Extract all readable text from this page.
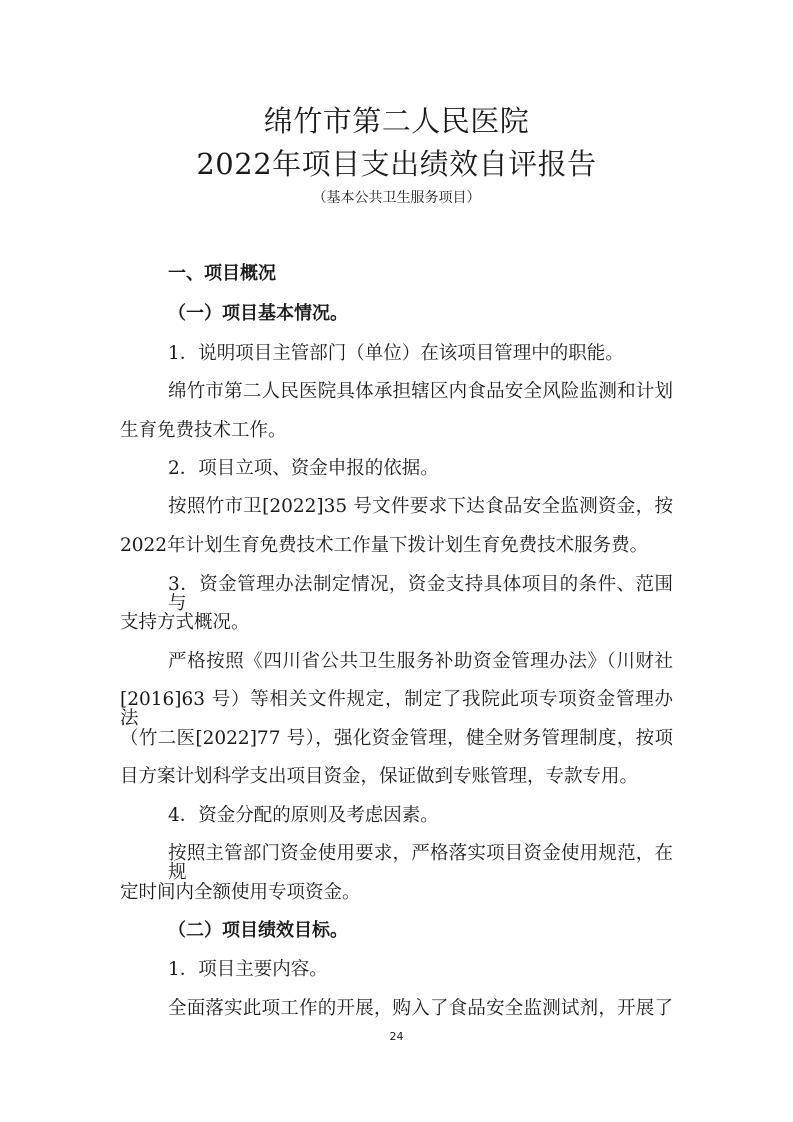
绵竹市第二人民医院
2022年项目支出绩效自评报告
（基本公共卫生服务项目）
一、项目概况
（一）项目基本情况。
1．说明项目主管部门（单位）在该项目管理中的职能。
绵竹市第二人民医院具体承担辖区内食品安全风险监测和计划
生育免费技术工作。
2．项目立项、资金申报的依据。
按照竹市卫[2022]35 号文件要求下达食品安全监测资金，按
2022年计划生育免费技术工作量下拨计划生育免费技术服务费。
3．资金管理办法制定情况，资金支持具体项目的条件、范围与
支持方式概况。
严格按照《四川省公共卫生服务补助资金管理办法》（川财社
[2016]63 号）等相关文件规定，制定了我院此项专项资金管理办法
（竹二医[2022]77 号），强化资金管理，健全财务管理制度，按项
目方案计划科学支出项目资金，保证做到专账管理，专款专用。
4．资金分配的原则及考虑因素。
按照主管部门资金使用要求，严格落实项目资金使用规范，在规
定时间内全额使用专项资金。
（二）项目绩效目标。
1．项目主要内容。
全面落实此项工作的开展，购入了食品安全监测试剂，开展了
24
